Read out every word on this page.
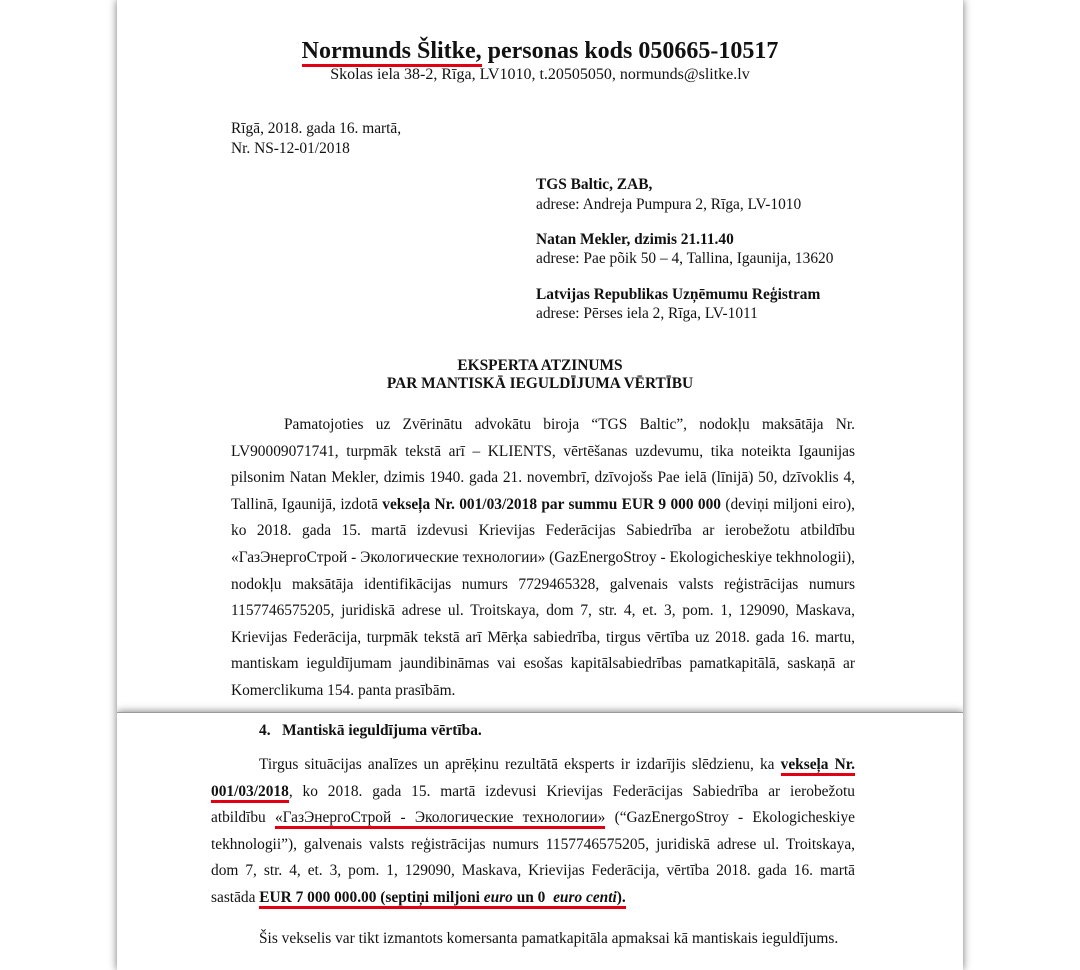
Normunds Šlitke, personas kods 050665-10517
Skolas iela 38-2, Rīga, LV1010, t.20505050, normunds@slitke.lv
Rīgā, 2018. gada 16. martā,
Nr. NS-12-01/2018
TGS Baltic, ZAB,
adrese: Andreja Pumpura 2, Rīga, LV-1010
Natan Mekler, dzimis 21.11.40
adrese: Pae põik 50 – 4, Tallina, Igaunija, 13620
Latvijas Republikas Uzņēmumu Reģistram
adrese: Pērses iela 2, Rīga, LV-1011
EKSPERTA ATZINUMS
PAR MANTISKĀ IEGULDĪJUMA VĒRTĪBU
Pamatojoties uz Zvērinātu advokātu biroja “TGS Baltic”, nodokļu maksātāja Nr.
LV90009071741, turpmāk tekstā arī – KLIENTS, vērtēšanas uzdevumu, tika noteikta Igaunijas
pilsonim Natan Mekler, dzimis 1940. gada 21. novembrī, dzīvojošs Pae ielā (līnijā) 50, dzīvoklis 4,
Tallinā, Igaunijā, izdotā vekseļa Nr. 001/03/2018 par summu EUR 9 000 000 (deviņi miljoni eiro),
ko 2018. gada 15. martā izdevusi Krievijas Federācijas Sabiedrība ar ierobežotu atbildību
«ГазЭнергоСтрой - Экологические технологии» (GazEnergoStroy - Ekologicheskiye tekhnologii),
nodokļu maksātāja identifikācijas numurs 7729465328, galvenais valsts reģistrācijas numurs
1157746575205, juridiskā adrese ul. Troitskaya, dom 7, str. 4, et. 3, pom. 1, 129090, Maskava,
Krievijas Federācija, turpmāk tekstā arī Mērķa sabiedrība, tirgus vērtība uz 2018. gada 16. martu,
mantiskam ieguldījumam jaundibināmas vai esošas kapitālsabiedrības pamatkapitālā, saskaņā ar
Komerclikuma 154. panta prasībām.
4.   Mantiskā ieguldījuma vērtība.
Tirgus situācijas analīzes un aprēķinu rezultātā eksperts ir izdarījis slēdzienu, ka vekseļa Nr.
001/03/2018, ko 2018. gada 15. martā izdevusi Krievijas Federācijas Sabiedrība ar ierobežotu
atbildību «ГазЭнергоСтрой - Экологические технологии» (“GazEnergoStroy - Ekologicheskiye
tekhnologii”), galvenais valsts reģistrācijas numurs 1157746575205, juridiskā adrese ul. Troitskaya,
dom 7, str. 4, et. 3, pom. 1, 129090, Maskava, Krievijas Federācija, vērtība 2018. gada 16. martā
sastāda EUR 7 000 000.00 (septiņi miljoni euro un 0  euro centi).
Šis vekselis var tikt izmantots komersanta pamatkapitāla apmaksai kā mantiskais ieguldījums.
